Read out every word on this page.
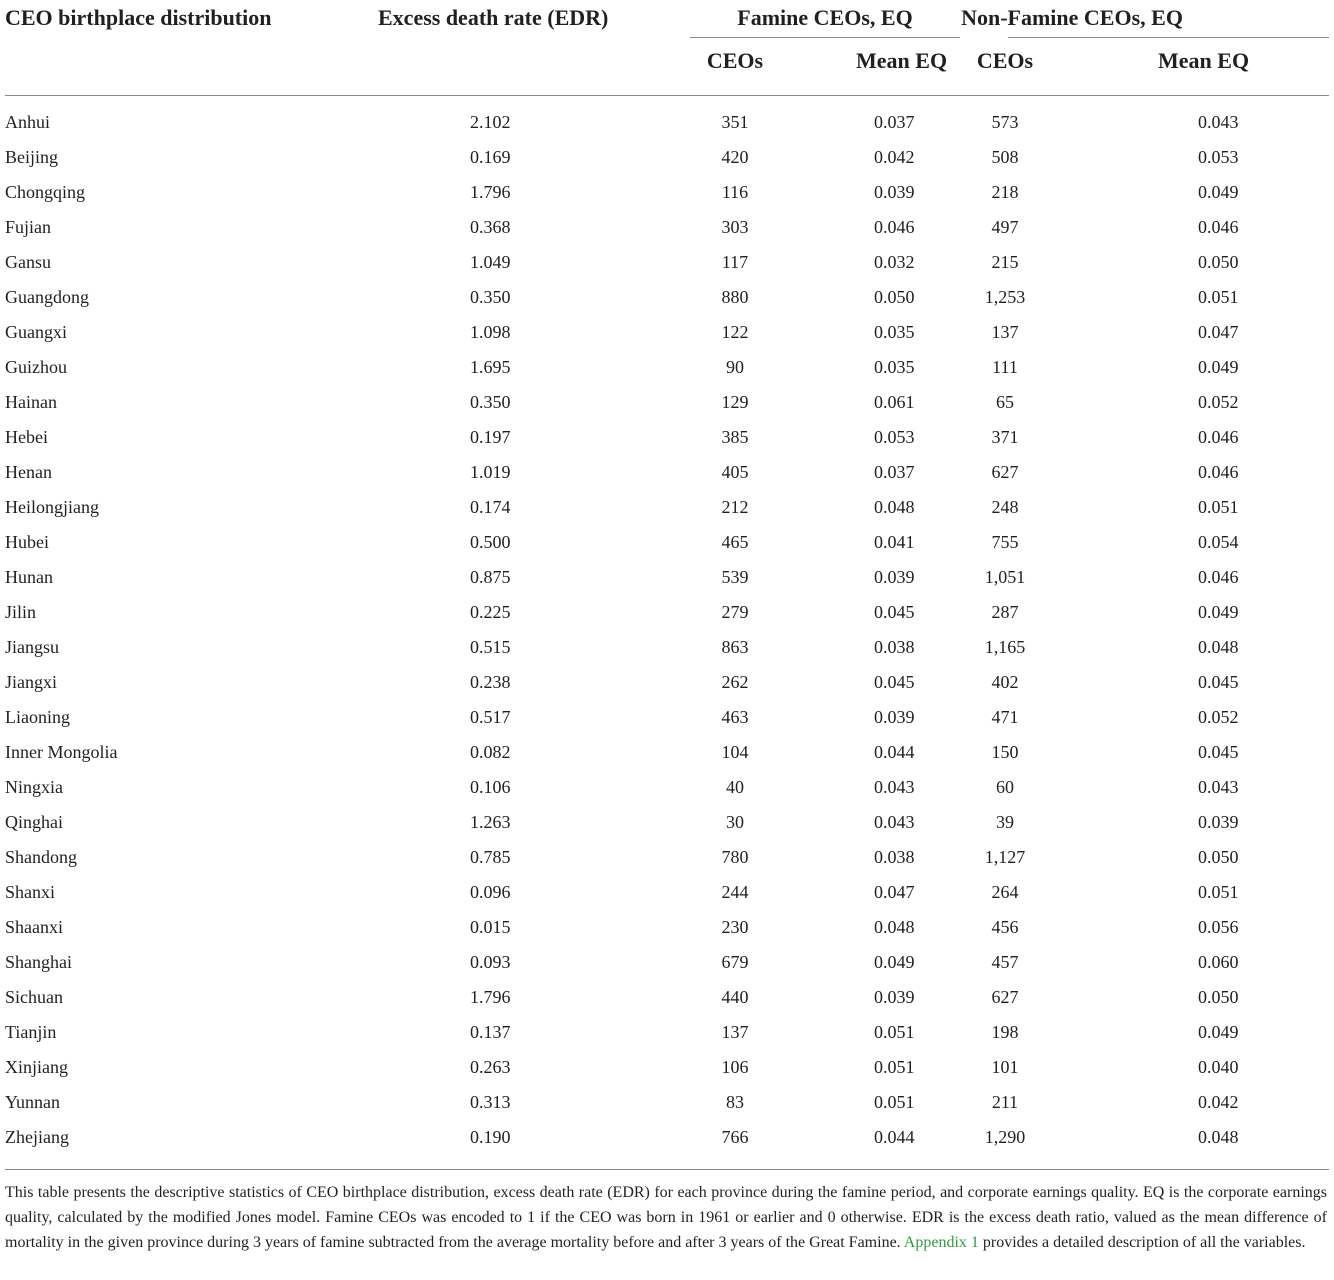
CEO birthplace distribution	Excess death rate (EDR)	Famine CEOs, EQ		Non-Famine CEOs, EQ	
		CEOs	Mean EQ	CEOs	Mean EQ

Anhui	2.102	351	0.037	573	0.043
Beijing	0.169	420	0.042	508	0.053
Chongqing	1.796	116	0.039	218	0.049
Fujian	0.368	303	0.046	497	0.046
Gansu	1.049	117	0.032	215	0.050
Guangdong	0.350	880	0.050	1,253	0.051
Guangxi	1.098	122	0.035	137	0.047
Guizhou	1.695	90	0.035	111	0.049
Hainan	0.350	129	0.061	65	0.052
Hebei	0.197	385	0.053	371	0.046
Henan	1.019	405	0.037	627	0.046
Heilongjiang	0.174	212	0.048	248	0.051
Hubei	0.500	465	0.041	755	0.054
Hunan	0.875	539	0.039	1,051	0.046
Jilin	0.225	279	0.045	287	0.049
Jiangsu	0.515	863	0.038	1,165	0.048
Jiangxi	0.238	262	0.045	402	0.045
Liaoning	0.517	463	0.039	471	0.052
Inner Mongolia	0.082	104	0.044	150	0.045
Ningxia	0.106	40	0.043	60	0.043
Qinghai	1.263	30	0.043	39	0.039
Shandong	0.785	780	0.038	1,127	0.050
Shanxi	0.096	244	0.047	264	0.051
Shaanxi	0.015	230	0.048	456	0.056
Shanghai	0.093	679	0.049	457	0.060
Sichuan	1.796	440	0.039	627	0.050
Tianjin	0.137	137	0.051	198	0.049
Xinjiang	0.263	106	0.051	101	0.040
Yunnan	0.313	83	0.051	211	0.042
Zhejiang	0.190	766	0.044	1,290	0.048
This table presents the descriptive statistics of CEO birthplace distribution, excess death rate (EDR) for each province during the famine period, and corporate earnings quality. EQ is the corporate earnings quality, calculated by the modified Jones model. Famine CEOs was encoded to 1 if the CEO was born in 1961 or earlier and 0 otherwise. EDR is the excess death ratio, valued as the mean difference of mortality in the given province during 3 years of famine subtracted from the average mortality before and after 3 years of the Great Famine. Appendix 1 provides a detailed description of all the variables.
